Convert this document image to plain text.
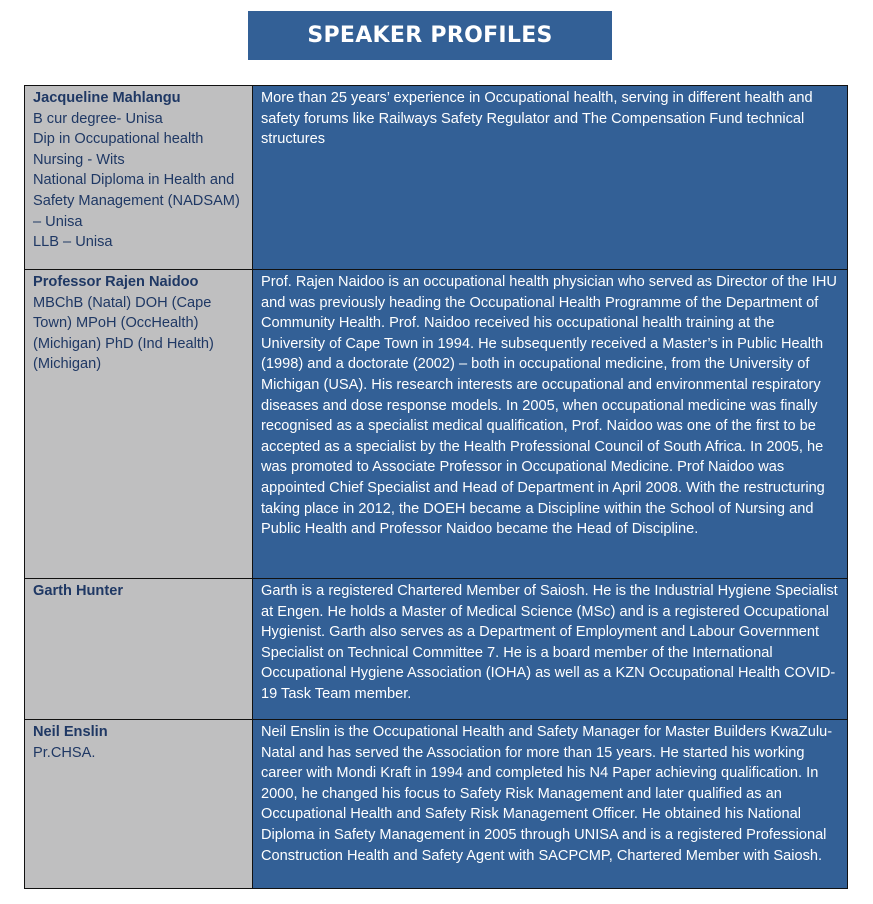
SPEAKER PROFILES
Jacqueline Mahlangu
B cur degree- Unisa
Dip in Occupational health Nursing - Wits
National Diploma in Health and Safety Management (NADSAM) – Unisa
LLB – Unisa	More than 25 years’ experience in Occupational health, serving in different health and safety forums like Railways Safety Regulator and The Compensation Fund technical structures

Professor Rajen Naidoo
MBChB (Natal) DOH (Cape Town) MPoH (OccHealth) (Michigan) PhD (Ind Health) (Michigan)	Prof. Rajen Naidoo is an occupational health physician who served as Director of the IHU and was previously heading the Occupational Health Programme of the Department of Community Health. Prof. Naidoo received his occupational health training at the University of Cape Town in 1994. He subsequently received a Master’s in Public Health (1998) and a doctorate (2002) – both in occupational medicine, from the University of Michigan (USA). His research interests are occupational and environmental respiratory diseases and dose response models. In 2005, when occupational medicine was finally recognised as a specialist medical qualification, Prof. Naidoo was one of the first to be accepted as a specialist by the Health Professional Council of South Africa. In 2005, he was promoted to Associate Professor in Occupational Medicine. Prof Naidoo was appointed Chief Specialist and Head of Department in April 2008. With the restructuring taking place in 2012, the DOEH became a Discipline within the School of Nursing and Public Health and Professor Naidoo became the Head of Discipline.

Garth Hunter	Garth is a registered Chartered Member of Saiosh. He is the Industrial Hygiene Specialist at Engen. He holds a Master of Medical Science (MSc) and is a registered Occupational Hygienist. Garth also serves as a Department of Employment and Labour Government Specialist on Technical Committee 7. He is a board member of the International Occupational Hygiene Association (IOHA) as well as a KZN Occupational Health COVID-19 Task Team member.

Neil Enslin
Pr.CHSA.	Neil Enslin is the Occupational Health and Safety Manager for Master Builders KwaZulu-Natal and has served the Association for more than 15 years. He started his working career with Mondi Kraft in 1994 and completed his N4 Paper achieving qualification. In 2000, he changed his focus to Safety Risk Management and later qualified as an Occupational Health and Safety Risk Management Officer. He obtained his National Diploma in Safety Management in 2005 through UNISA and is a registered Professional Construction Health and Safety Agent with SACPCMP, Chartered Member with Saiosh.
